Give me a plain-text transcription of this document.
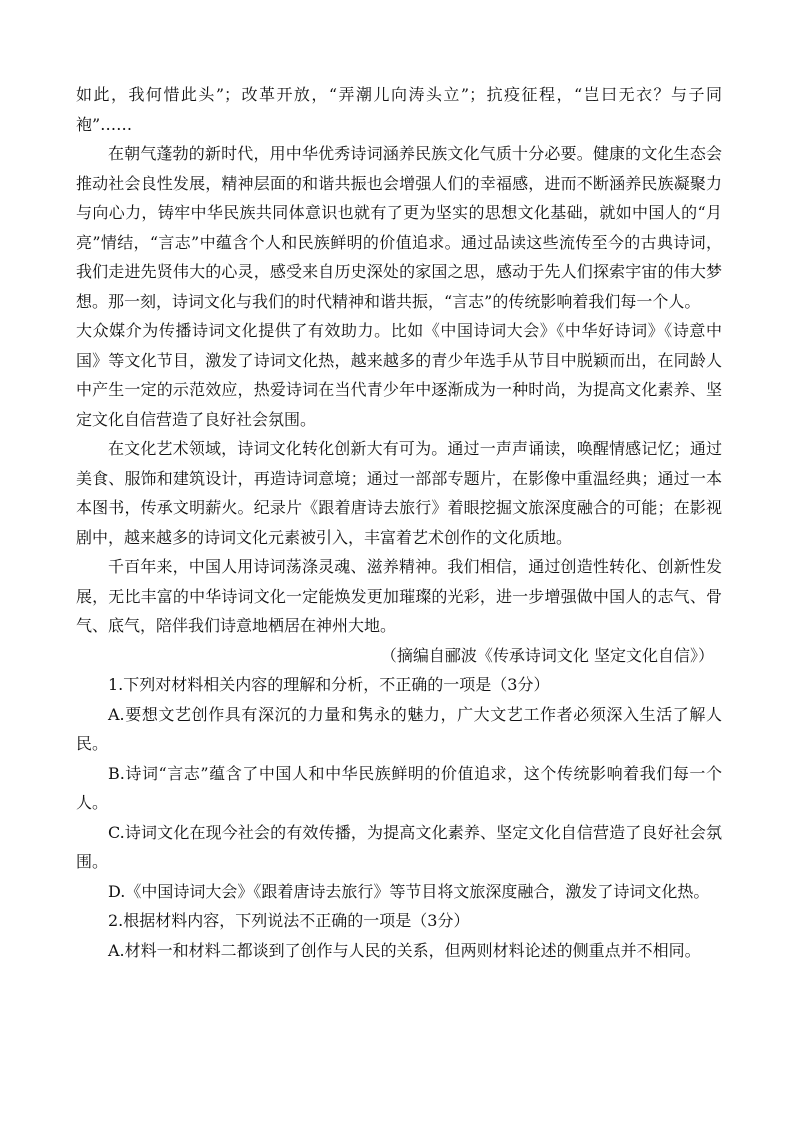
如此，我何惜此头”；改革开放，“弄潮儿向涛头立”；抗疫征程，“岂曰无衣？与子同袍”……

在朝气蓬勃的新时代，用中华优秀诗词涵养民族文化气质十分必要。健康的文化生态会推动社会良性发展，精神层面的和谐共振也会增强人们的幸福感，进而不断涵养民族凝聚力与向心力，铸牢中华民族共同体意识也就有了更为坚实的思想文化基础，就如中国人的“月亮”情结，“言志”中蕴含个人和民族鲜明的价值追求。通过品读这些流传至今的古典诗词，我们走进先贤伟大的心灵，感受来自历史深处的家国之思，感动于先人们探索宇宙的伟大梦想。那一刻，诗词文化与我们的时代精神和谐共振，“言志”的传统影响着我们每一个人。

大众媒介为传播诗词文化提供了有效助力。比如《中国诗词大会》《中华好诗词》《诗意中国》等文化节目，激发了诗词文化热，越来越多的青少年选手从节目中脱颖而出，在同龄人中产生一定的示范效应，热爱诗词在当代青少年中逐渐成为一种时尚，为提高文化素养、坚定文化自信营造了良好社会氛围。

在文化艺术领域，诗词文化转化创新大有可为。通过一声声诵读，唤醒情感记忆；通过美食、服饰和建筑设计，再造诗词意境；通过一部部专题片，在影像中重温经典；通过一本本图书，传承文明薪火。纪录片《跟着唐诗去旅行》着眼挖掘文旅深度融合的可能；在影视剧中，越来越多的诗词文化元素被引入，丰富着艺术创作的文化质地。

千百年来，中国人用诗词荡涤灵魂、滋养精神。我们相信，通过创造性转化、创新性发展，无比丰富的中华诗词文化一定能焕发更加璀璨的光彩，进一步增强做中国人的志气、骨气、底气，陪伴我们诗意地栖居在神州大地。

（摘编自郦波《传承诗词文化 坚定文化自信》）

1.下列对材料相关内容的理解和分析，不正确的一项是（3分）

A.要想文艺创作具有深沉的力量和隽永的魅力，广大文艺工作者必须深入生活了解人民。

B.诗词“言志”蕴含了中国人和中华民族鲜明的价值追求，这个传统影响着我们每一个人。

C.诗词文化在现今社会的有效传播，为提高文化素养、坚定文化自信营造了良好社会氛围。

D.《中国诗词大会》《跟着唐诗去旅行》等节目将文旅深度融合，激发了诗词文化热。

2.根据材料内容，下列说法不正确的一项是（3分）

A.材料一和材料二都谈到了创作与人民的关系，但两则材料论述的侧重点并不相同。
